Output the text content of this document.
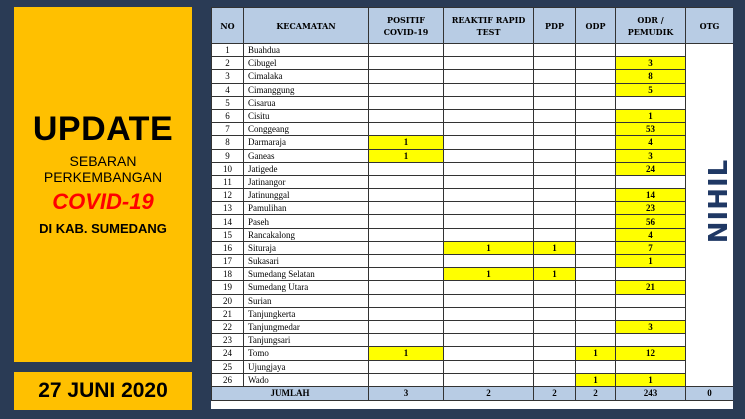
UPDATE
SEBARAN
PERKEMBANGAN
COVID-19
DI KAB. SUMEDANG
27 JUNI 2020
NO	KECAMATAN	POSITIF COVID-19	REAKTIF RAPID TEST	PDP	ODP	ODR / PEMUDIK	OTG
1	Buahdua						
2	Cibugel					3	
3	Cimalaka					8	
4	Cimanggung					5	
5	Cisarua						
6	Cisitu					1	
7	Conggeang					53	
8	Darmaraja	1				4	
9	Ganeas	1				3	
10	Jatigede					24	
11	Jatinangor						
12	Jatinunggal					14	
13	Pamulihan					23	
14	Paseh					56	
15	Rancakalong					4	
16	Situraja		1	1		7	
17	Sukasari					1	
18	Sumedang Selatan		1	1			
19	Sumedang Utara					21	
20	Surian						
21	Tanjungkerta						
22	Tanjungmedar					3	
23	Tanjungsari						
24	Tomo	1			1	12	
25	Ujungjaya						
26	Wado				1	1	
JUMLAH		3	2	2	2	243	0
NIHIL
